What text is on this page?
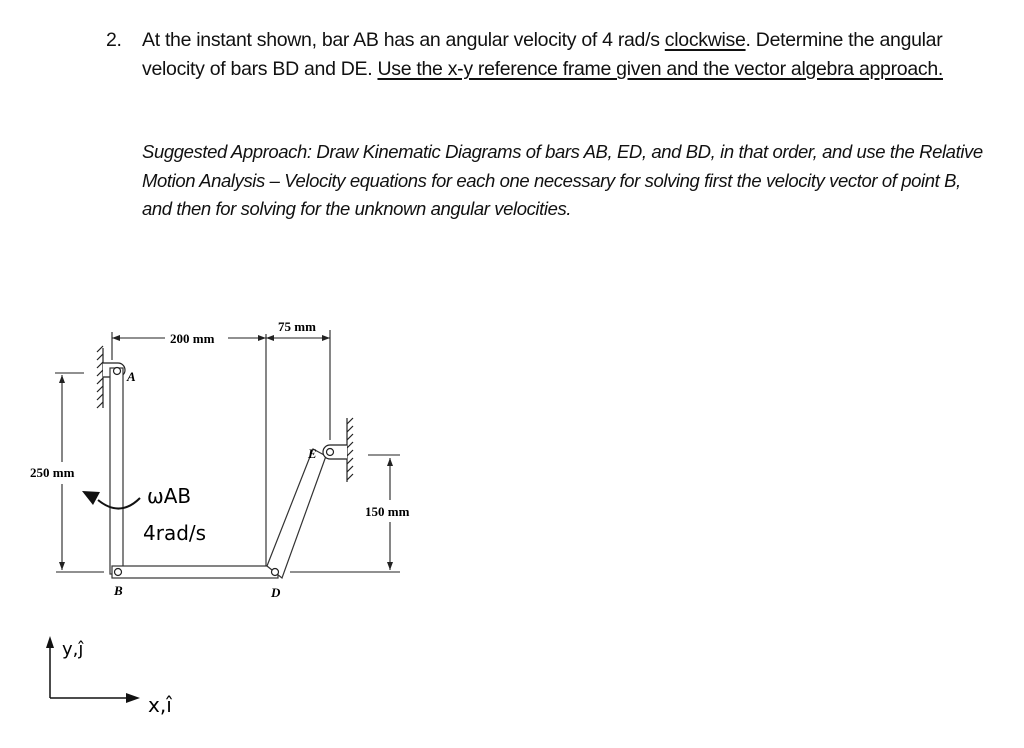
2. At the instant shown, bar AB has an angular velocity of 4 rad/s clockwise. Determine the angular velocity of bars BD and DE. Use the x-y reference frame given and the vector algebra approach.
Suggested Approach: Draw Kinematic Diagrams of bars AB, ED, and BD, in that order, and use the Relative Motion Analysis – Velocity equations for each one necessary for solving first the velocity vector of point B, and then for solving for the unknown angular velocities.
200 mm
75 mm
250 mm
150 mm
A
B	D
E
ωAB
4rad/s
y,ĵ
x,î
